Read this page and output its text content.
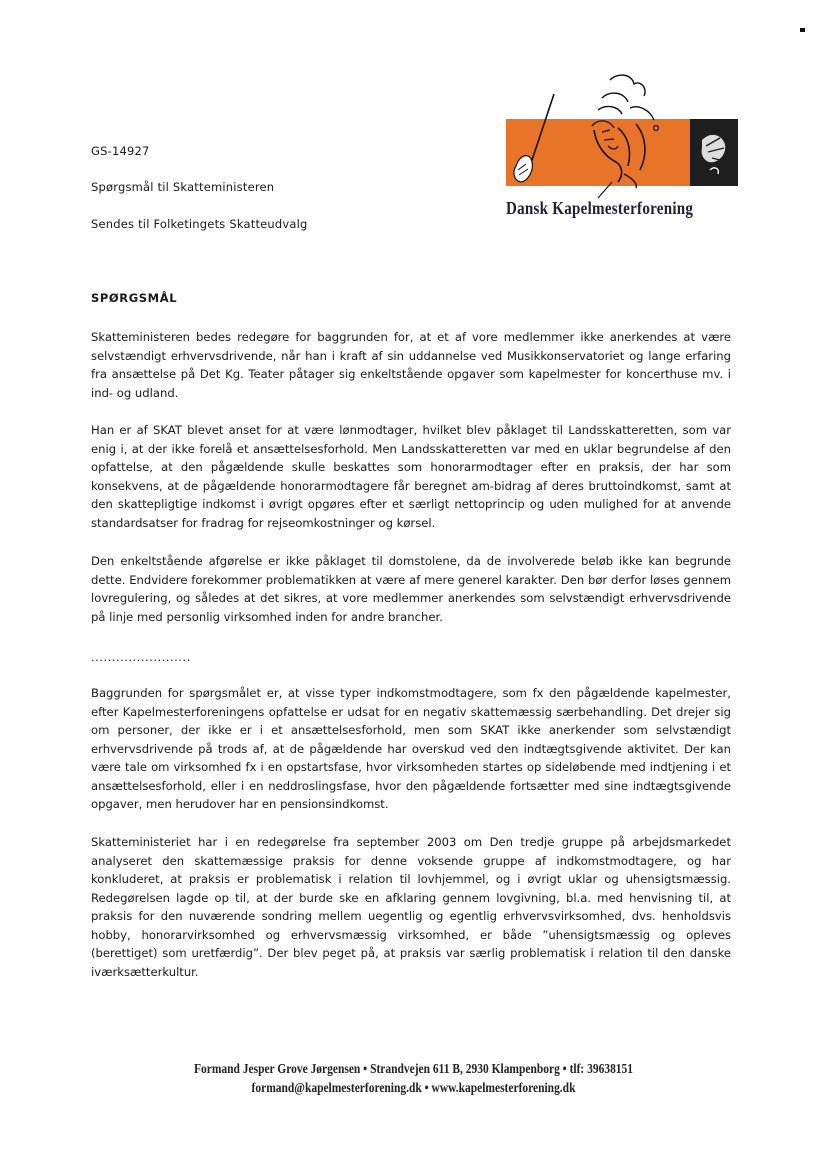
GS-14927
Spørgsmål til Skatteministeren
Sendes til Folketingets Skatteudvalg
Dansk Kapelmesterforening
SPØRGSMÅL

Skatteministeren bedes redegøre for baggrunden for, at et af vore medlemmer ikke anerkendes at være selvstændigt erhvervsdrivende, når han i kraft af sin uddannelse ved Musikkonservatoriet og lange erfaring fra ansættelse på Det Kg. Teater påtager sig enkeltstående opgaver som kapelmester for koncerthuse mv. i ind- og udland.

Han er af SKAT blevet anset for at være lønmodtager, hvilket blev påklaget til Landsskatteretten, som var enig i, at der ikke forelå et ansættelsesforhold. Men Landsskatteretten var med en uklar begrundelse af den opfattelse, at den pågældende skulle beskattes som honorarmodtager efter en praksis, der har som konsekvens, at de pågældende honorarmodtagere får beregnet am-bidrag af deres bruttoindkomst, samt at den skattepligtige indkomst i øvrigt opgøres efter et særligt nettoprincip og uden mulighed for at anvende standardsatser for fradrag for rejseomkostninger og kørsel.

Den enkeltstående afgørelse er ikke påklaget til domstolene, da de involverede beløb ikke kan begrunde dette. Endvidere forekommer problematikken at være af mere generel karakter. Den bør derfor løses gennem lovregulering, og således at det sikres, at vore medlemmer anerkendes som selvstændigt erhvervsdrivende på linje med personlig virksomhed inden for andre brancher.

........................

Baggrunden for spørgsmålet er, at visse typer indkomstmodtagere, som fx den pågældende kapelmester, efter Kapelmesterforeningens opfattelse er udsat for en negativ skattemæssig særbehandling. Det drejer sig om personer, der ikke er i et ansættelsesforhold, men som SKAT ikke anerkender som selvstændigt erhvervsdrivende på trods af, at de pågældende har overskud ved den indtægtsgivende aktivitet. Der kan være tale om virksomhed fx i en opstartsfase, hvor virksomheden startes op sideløbende med indtjening i et ansættelsesforhold, eller i en neddroslingsfase, hvor den pågældende fortsætter med sine indtægtsgivende opgaver, men herudover har en pensionsindkomst.

Skatteministeriet har i en redegørelse fra september 2003 om Den tredje gruppe på arbejdsmarkedet analyseret den skattemæssige praksis for denne voksende gruppe af indkomstmodtagere, og har konkluderet, at praksis er problematisk i relation til lovhjemmel, og i øvrigt uklar og uhensigtsmæssig. Redegørelsen lagde op til, at der burde ske en afklaring gennem lovgivning, bl.a. med henvisning til, at praksis for den nuværende sondring mellem uegentlig og egentlig erhvervsvirksomhed, dvs. henholdsvis hobby, honorarvirksomhed og erhvervsmæssig virksomhed, er både ”uhensigtsmæssig og opleves (berettiget) som uretfærdig”. Der blev peget på, at praksis var særlig problematisk i relation til den danske iværksætterkultur.

Formand Jesper Grove Jørgensen • Strandvejen 611 B, 2930 Klampenborg • tlf: 39638151
formand@kapelmesterforening.dk • www.kapelmesterforening.dk
